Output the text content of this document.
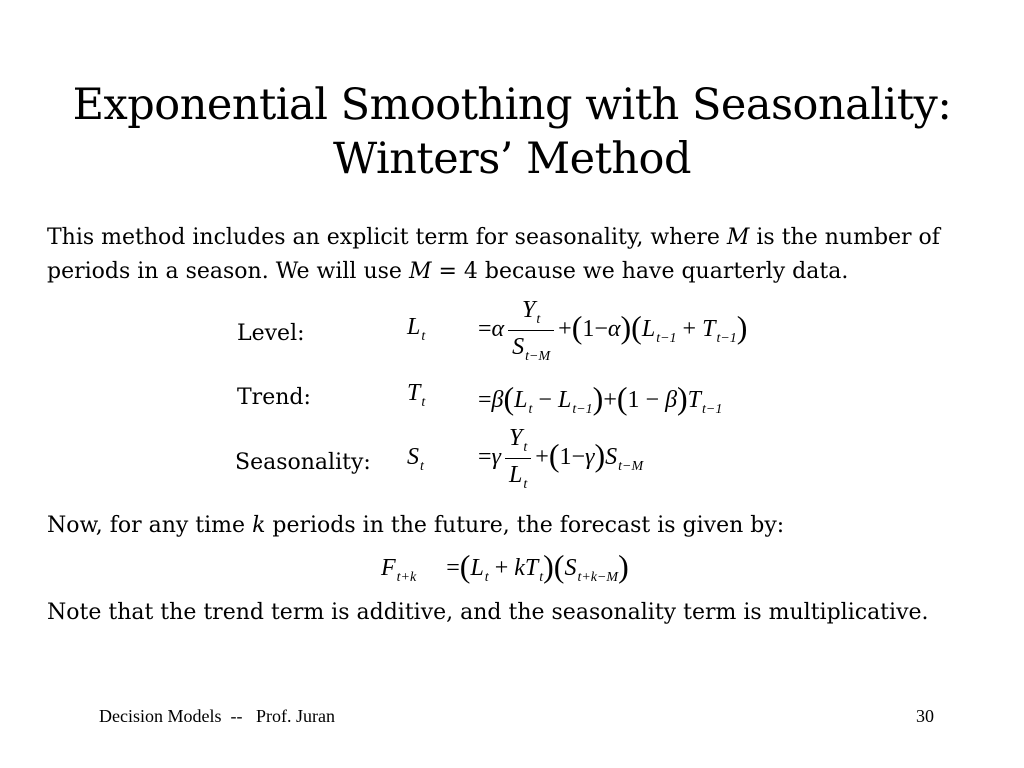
Exponential Smoothing with Seasonality:
Winters’ Method
This method includes an explicit term for seasonality, where M is the number of
periods in a season. We will use M = 4 because we have quarterly data.
Level:	$L_t =\alpha \frac{Y_t}{S_{t-M}} +(1-\alpha)(L_{t-1} + T_{t-1})$
Trend:	$T_t =\beta(L_t - L_{t-1})+(1 - \beta)T_{t-1}$
Seasonality: $S_t =\gamma \frac{Y_t}{L_t} +(1-\gamma)S_{t-M}$
Now, for any time k periods in the future, the forecast is given by:
$F_{t+k}$     $=(L_t + kT_t)(S_{t+k-M})$
Note that the trend term is additive, and the seasonality term is multiplicative.
Decision Models  --   Prof. Juran	30
